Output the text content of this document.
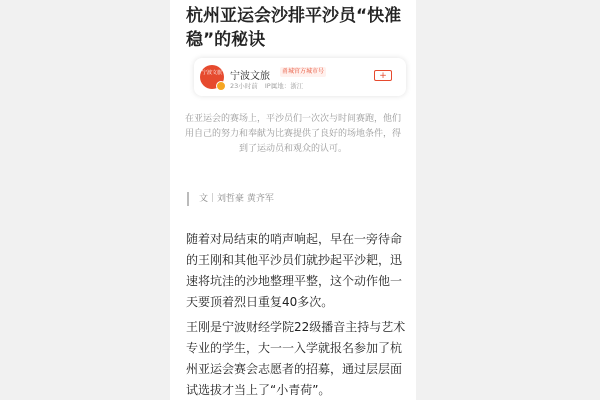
杭州亚运会沙排平沙员“快准稳”的秘诀
宁波文旅 宁波文旅	甬城官方城市号
23小时前 IP属地：浙江
+
在亚运会的赛场上，平沙员们一次次与时间赛跑，他们用自己的努力和奉献为比赛提供了良好的场地条件，得到了运动员和观众的认可。
文｜刘哲豪 黄齐军
随着对局结束的哨声响起，早在一旁待命的王刚和其他平沙员们就抄起平沙耙，迅速将坑洼的沙地整理平整，这个动作他一天要顶着烈日重复40多次。
王刚是宁波财经学院22级播音主持与艺术专业的学生，大一一入学就报名参加了杭州亚运会赛会志愿者的招募，通过层层面试选拔才当上了“小青荷”。
